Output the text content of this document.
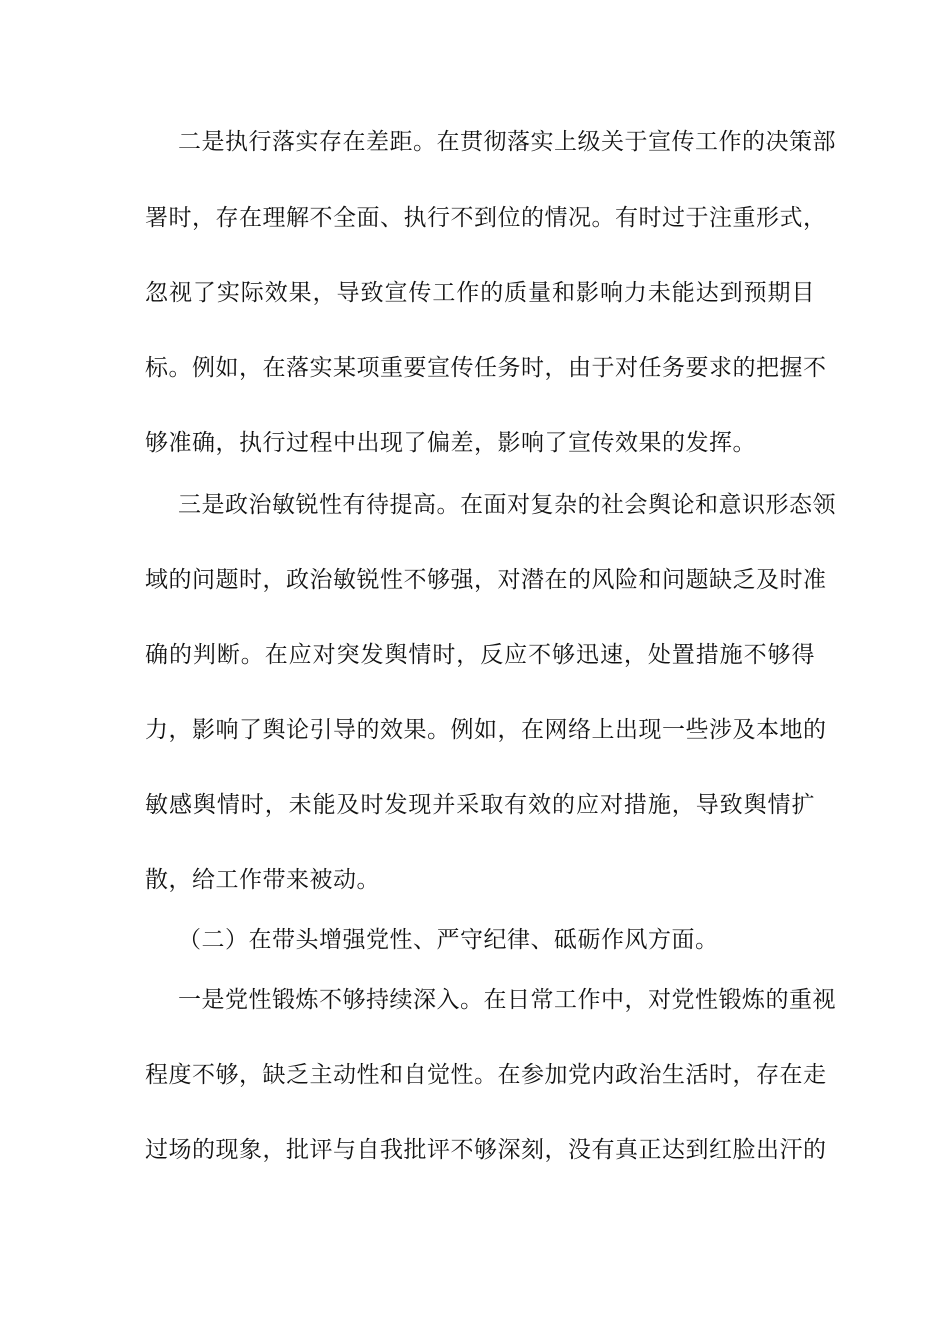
二是执行落实存在差距。在贯彻落实上级关于宣传工作的决策部
署时，存在理解不全面、执行不到位的情况。有时过于注重形式，
忽视了实际效果，导致宣传工作的质量和影响力未能达到预期目
标。例如，在落实某项重要宣传任务时，由于对任务要求的把握不
够准确，执行过程中出现了偏差，影响了宣传效果的发挥。
三是政治敏锐性有待提高。在面对复杂的社会舆论和意识形态领
域的问题时，政治敏锐性不够强，对潜在的风险和问题缺乏及时准
确的判断。在应对突发舆情时，反应不够迅速，处置措施不够得
力，影响了舆论引导的效果。例如，在网络上出现一些涉及本地的
敏感舆情时，未能及时发现并采取有效的应对措施，导致舆情扩
散，给工作带来被动。
（二）在带头增强党性、严守纪律、砥砺作风方面。
一是党性锻炼不够持续深入。在日常工作中，对党性锻炼的重视
程度不够，缺乏主动性和自觉性。在参加党内政治生活时，存在走
过场的现象，批评与自我批评不够深刻，没有真正达到红脸出汗的
